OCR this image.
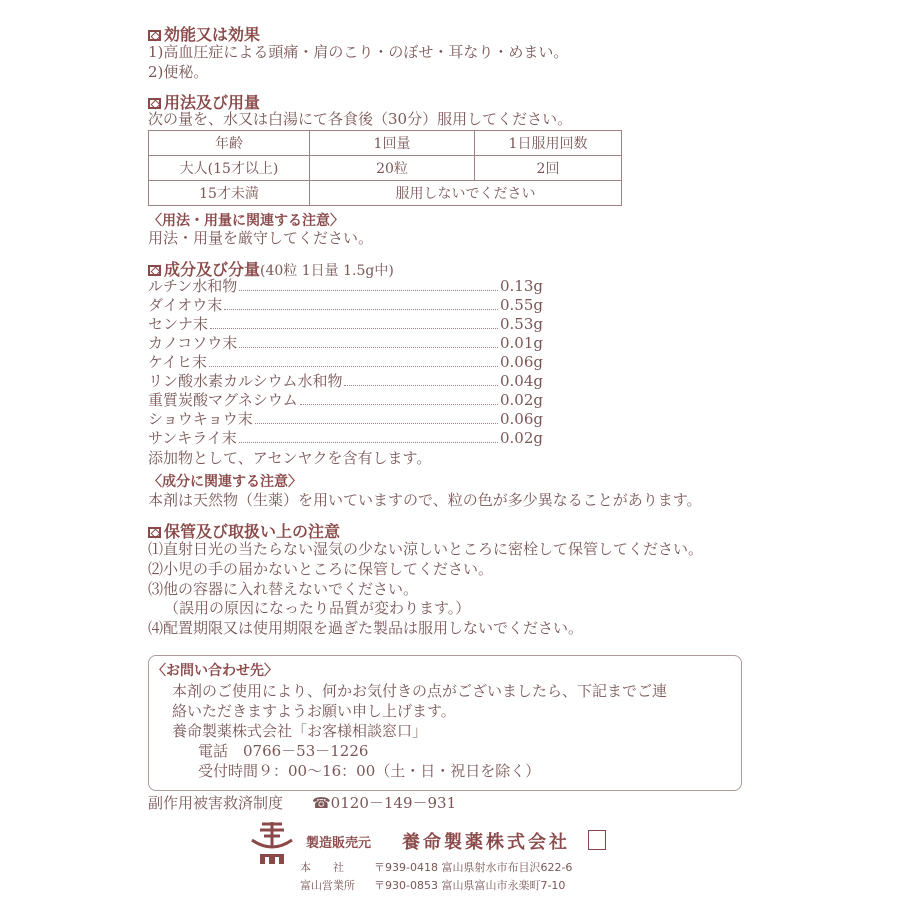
効能又は効果
1)高血圧症による頭痛・肩のこり・のぼせ・耳なり・めまい。
2)便秘。
用法及び用量
次の量を、水又は白湯にて各食後（30分）服用してください。
年齢	1回量	1日服用回数
大人(15才以上)	20粒	2回
15才未満	服用しないでください	
〈用法・用量に関連する注意〉
用法・用量を厳守してください。
成分及び分量(40粒 1日量 1.5g中)
ルチン水和物	0.13g
ダイオウ末	0.55g
センナ末	0.53g
カノコソウ末	0.01g
ケイヒ末	0.06g
リン酸水素カルシウム水和物	0.04g
重質炭酸マグネシウム	0.02g
ショウキョウ末	0.06g
サンキライ末	0.02g
添加物として、アセンヤクを含有します。
〈成分に関連する注意〉
本剤は天然物（生薬）を用いていますので、粒の色が多少異なることがあります。
保管及び取扱い上の注意
⑴直射日光の当たらない湿気の少ない涼しいところに密栓して保管してください。
⑵小児の手の届かないところに保管してください。
⑶他の容器に入れ替えないでください。
（誤用の原因になったり品質が変わります。）
⑷配置期限又は使用期限を過ぎた製品は服用しないでください。
〈お問い合わせ先〉
本剤のご使用により、何かお気付きの点がございましたら、下記までご連
絡いただきますようお願い申し上げます。
養命製薬株式会社「お客様相談窓口」
電話　0766－53－1226
受付時間９：00～16：00（土・日・祝日を除く）
副作用被害救済制度 ☎0120－149－931
製造販売元 養命製薬株式会社
本　　社	〒939-0418 富山県射水市布目沢622-6
富山営業所 〒930-0853 富山県富山市永楽町7-10
